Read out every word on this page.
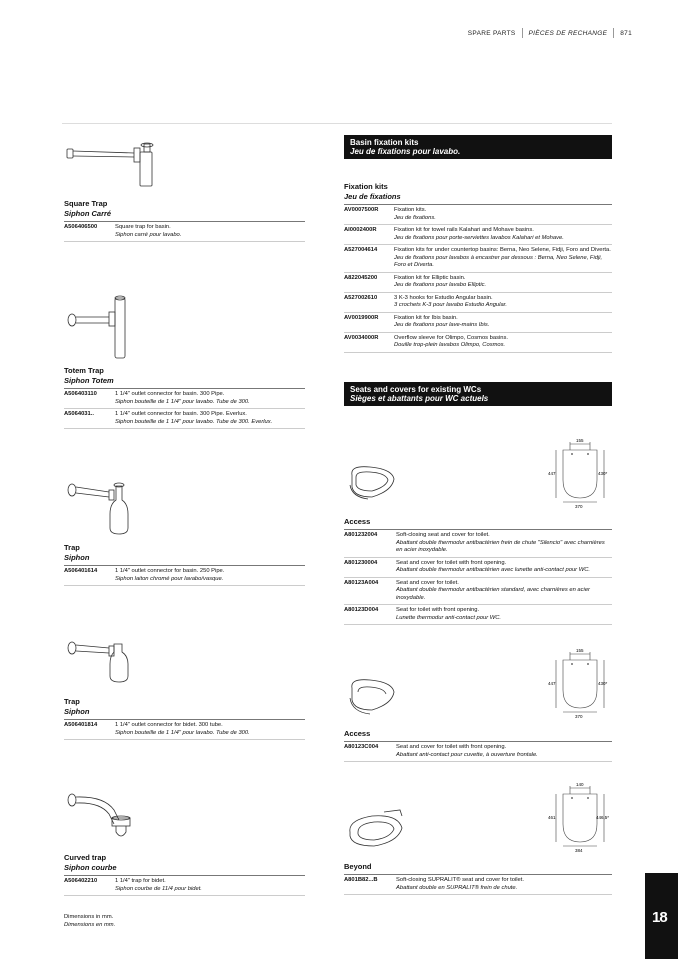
SPARE PARTS PIÈCES DE RECHANGE 871
Square Trap
Siphon Carré
A506406500	Square trap for basin.
Siphon carré pour lavabo.
Totem Trap
Siphon Totem
A506403110	1 1/4" outlet connector for basin. 300 Pipe.
Siphon bouteille de 1 1/4" pour lavabo. Tube de 300.
A5064031..	1 1/4" outlet connector for basin. 300 Pipe. Everlux.
Siphon bouteille de 1 1/4" pour lavabo. Tube de 300. Everlux.
Trap
Siphon
A506401614	1 1/4" outlet connector for basin. 250 Pipe.
Siphon laiton chromé pour lavabo/vasque.
Trap
Siphon
A506401814	1 1/4" outlet connector for bidet. 300 tube.
Siphon bouteille de 1 1/4" pour lavabo. Tube de 300.
Curved trap
Siphon courbe
A506402210	1 1/4" trap for bidet.
Siphon courbe de 11/4 pour bidet.
Basin fixation kits
Jeu de fixations pour lavabo.
Fixation kits
Jeu de fixations
AV0007500R	Fixation kits.
Jeu de fixations.
AI0002400R	Fixation kit for towel rails Kalahari and Mohave basins.
Jeu de fixations pour porte-serviettes lavabos Kalahari et Mohave.
A527004614	Fixation kits for under countertop basins: Berna, Neo Selene, Fidji, Foro and Diverta.
Jeu de fixations pour lavabos à encastrer par dessous : Berna, Neo Selene, Fidji, Foro et Diverta.
A822045200	Fixation kit for Elliptic basin.
Jeu de fixations pour lavabo Elliptic.
A527002610	3 K-3 hooks for Estudio Angular basin.
3 crochets K-3 pour lavabo Estudio Angular.
AV0019900R	Fixation kit for Ibis basin.
Jeu de fixations pour lave-mains Ibis.
AV0034000R	Overflow sleeve for Olimpo, Cosmos basins.
Douille trop-plein lavabos Olimpo, Cosmos.
Seats and covers for existing WCs
Sièges et abattants pour WC actuels
155
447	430*
370
Access
A801232004	Soft-closing seat and cover for toilet.
Abattant double thermodur antibactérien frein de chute "Silencio" avec charnières en acier inoxydable.
A801230004	Seat and cover for toilet with front opening.
Abattant double thermodur antibactérien avec lunette anti-contact pour WC.
A80123A004	Seat and cover for toilet.
Abattant double thermodur antibactérien standard, avec charnières en acier inoxydable.
A80123D004	Seat for toilet with front opening.
Lunette thermodur anti-contact pour WC.
155
447	430*
370
Access
A80123C004	Seat and cover for toilet with front opening.
Abattant anti-contact pour cuvette, à ouverture frontale.
140
461	446,5*
384
Beyond
A801B82...B	Soft-closing SUPRALIT® seat and cover for toilet.
Abattant double en SUPRALIT® frein de chute.
18
Dimensions in mm.
Dimensions en mm.
